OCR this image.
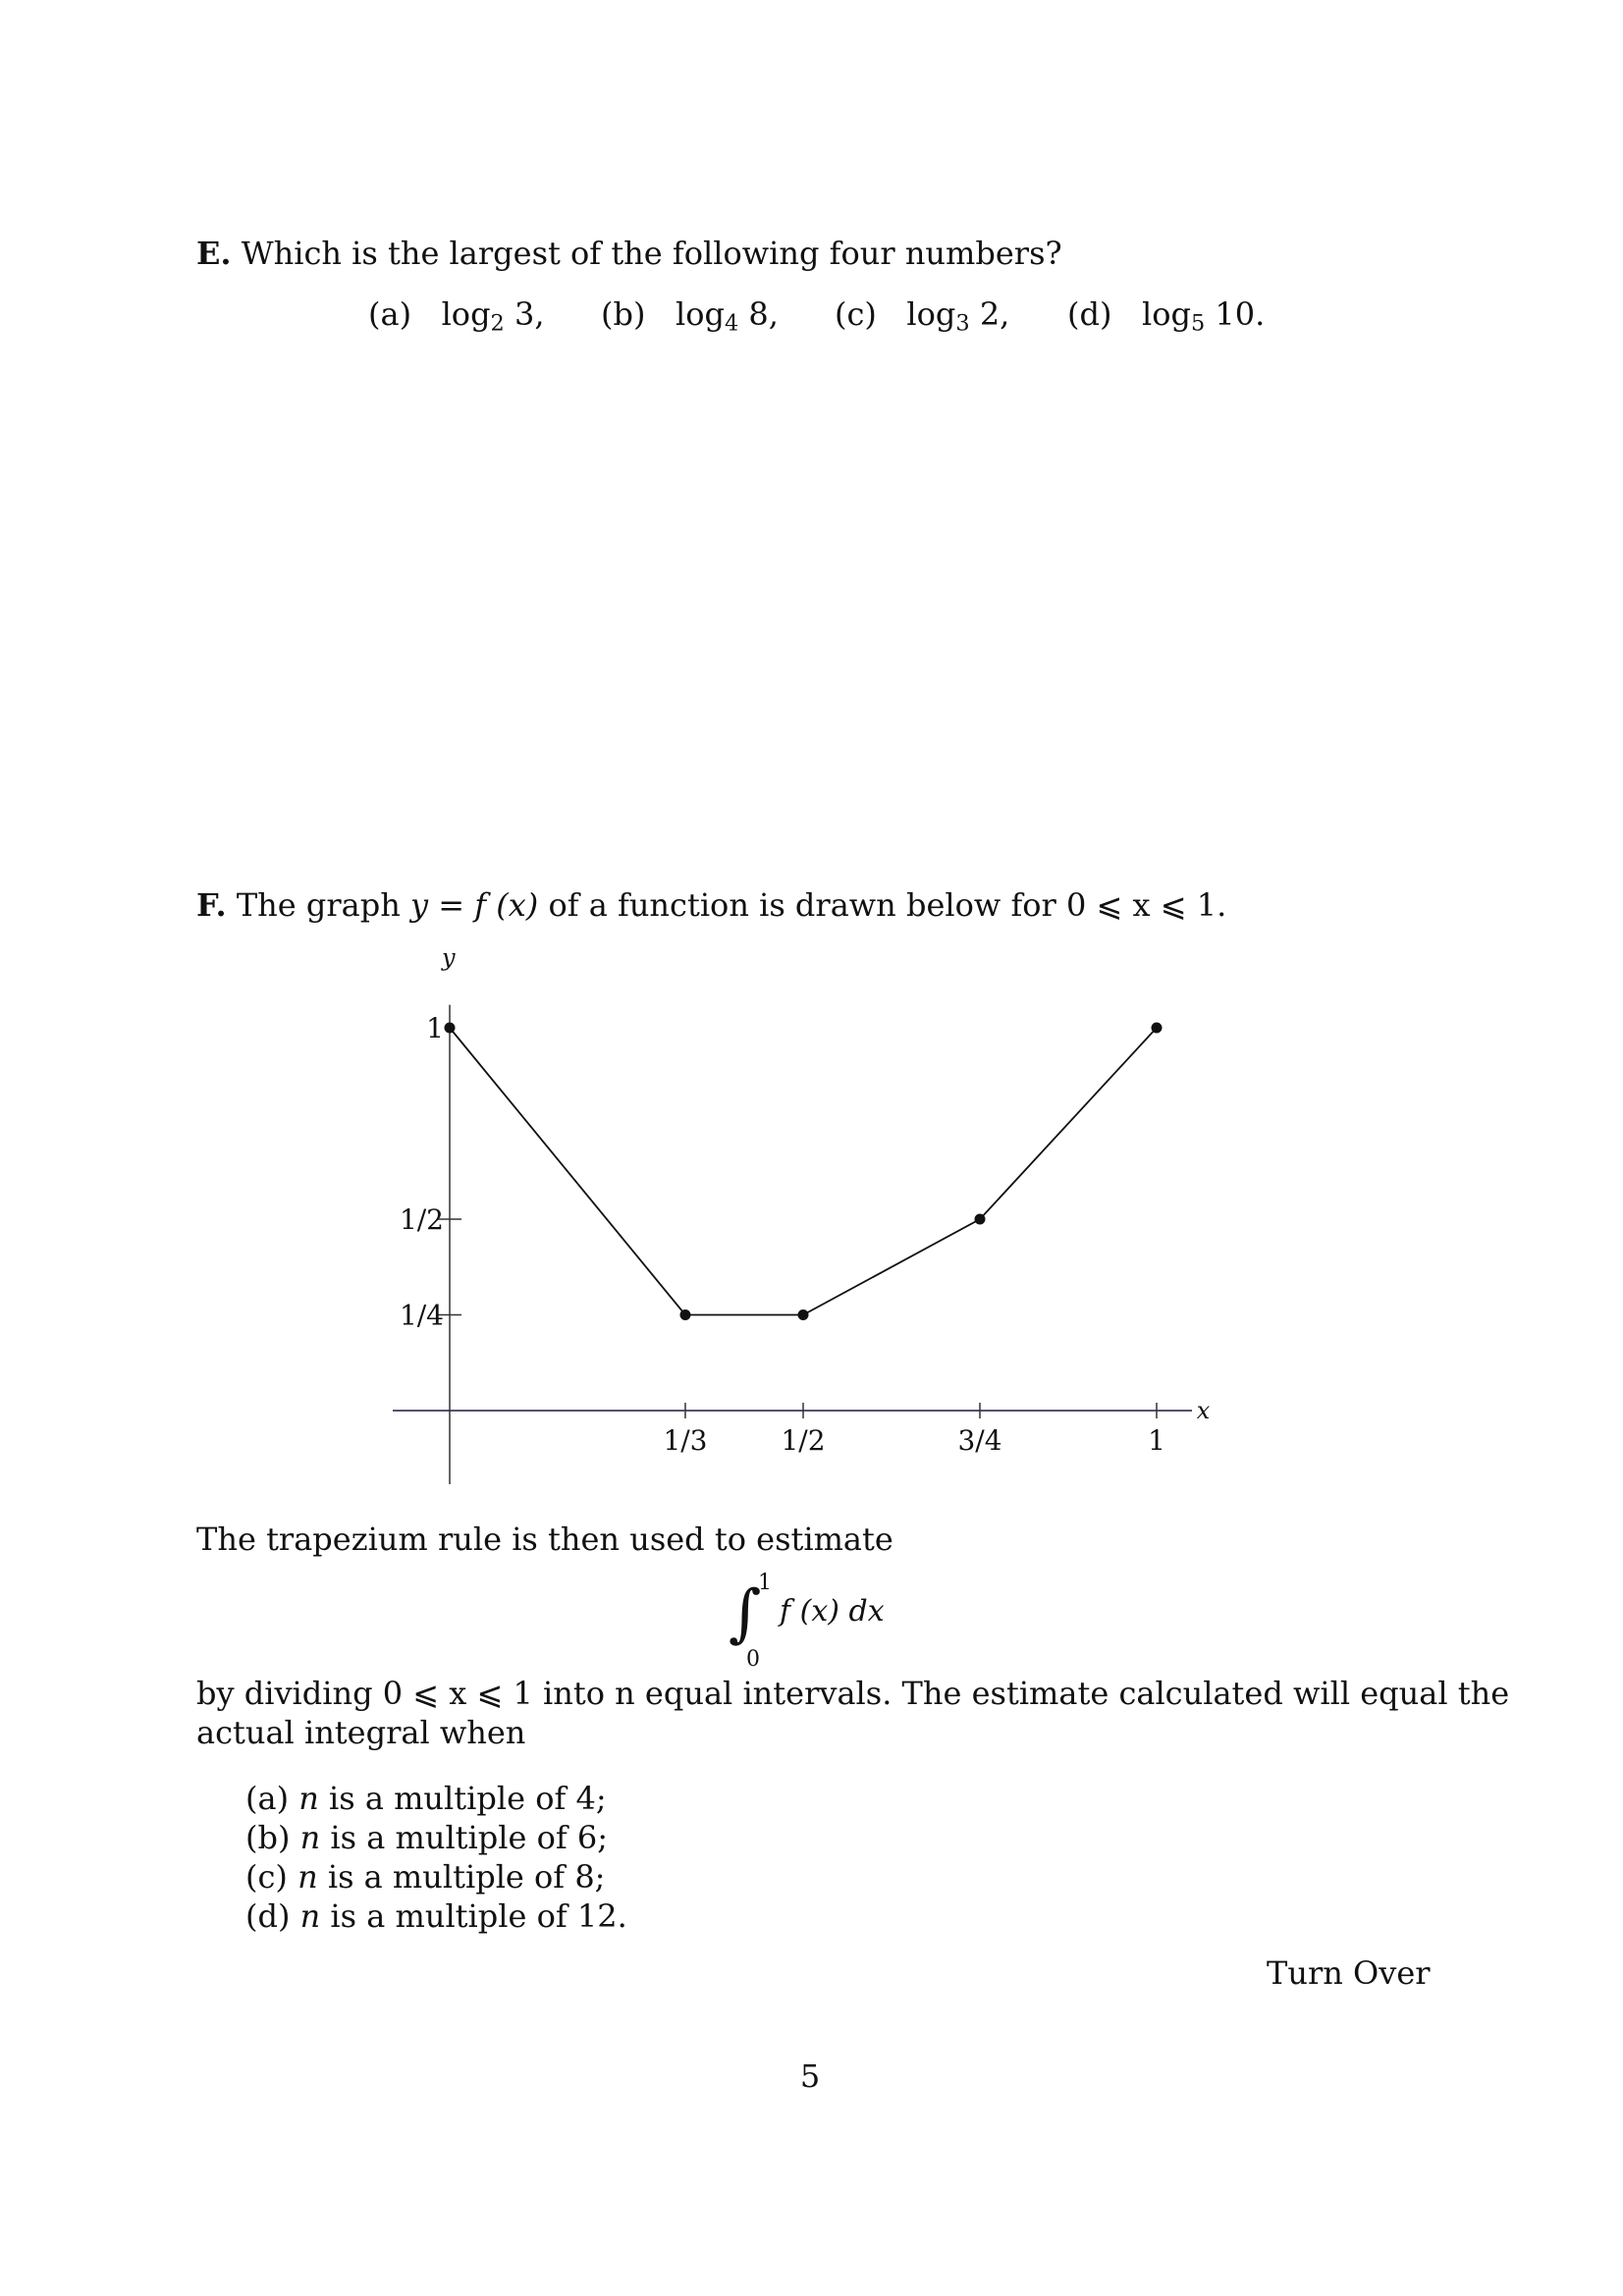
E. Which is the largest of the following four numbers?
(a) $\log_2 3$, (b) $\log_4 8$, (c) $\log_3 2$, (d) $\log_5 10$.
F. The graph y = f (x) of a function is drawn below for 0 ⩽ x ⩽ 1.
x
y
1/3	1/2	3/4	1
1/4
1/2
1
The trapezium rule is then used to estimate
∫
1
0
f (x) dx
by dividing 0 ⩽ x ⩽ 1 into n equal intervals. The estimate calculated will equal the
actual integral when
(a) n is a multiple of 4;
(b) n is a multiple of 6;
(c) n is a multiple of 8;
(d) n is a multiple of 12.
Turn Over
5
